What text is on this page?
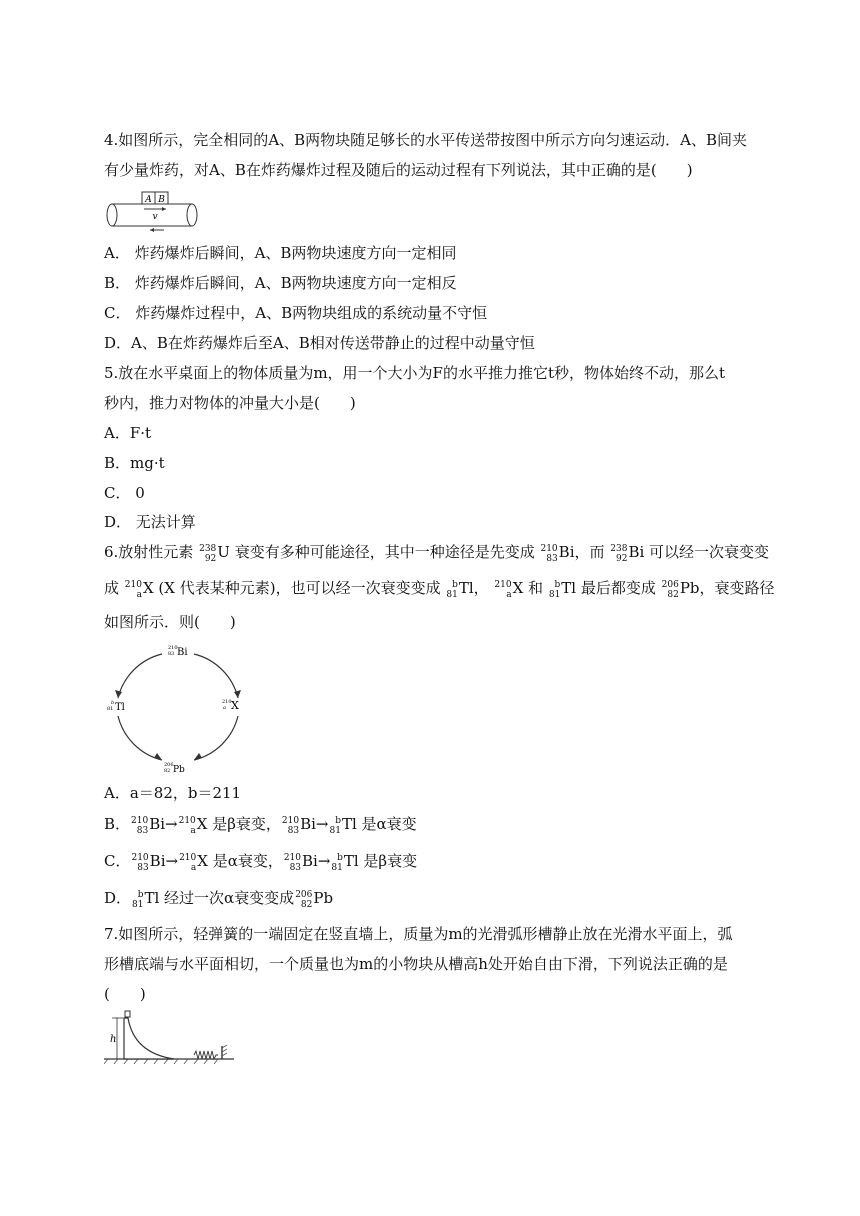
4.如图所示，完全相同的A、B两物块随足够长的水平传送带按图中所示方向匀速运动．A、B间夹
有少量炸药，对A、B在炸药爆炸过程及随后的运动过程有下列说法，其中正确的是(　　)
A B
v
A． 炸药爆炸后瞬间，A、B两物块速度方向一定相同
B． 炸药爆炸后瞬间，A、B两物块速度方向一定相反
C． 炸药爆炸过程中，A、B两物块组成的系统动量不守恒
D．A、B在炸药爆炸后至A、B相对传送带静止的过程中动量守恒
5.放在水平桌面上的物体质量为m，用一个大小为F的水平推力推它t秒，物体始终不动，那么t
秒内，推力对物体的冲量大小是(　　)
A．F·t
B．mg·t
C． 0
D． 无法计算
6.放射性元素 238
92 U 衰变有多种可能途径，其中一种途径是先变成 210
83 Bi，而 238
92 Bi 可以经一次衰变变
成 210
a X (X 代表某种元素)，也可以经一次衰变变成 b
81 Tl， 210
a X 和 b
81 Tl 最后都变成 206
82 Pb，衰变路径
如图所示．则(　　)
210
83 Bi
210
a X
b
81 Tl
206
82 Pb
A．a＝82，b＝211
B． 210
83 Bi→ 210
a X 是β衰变， 210
83 Bi→ b
81 Tl 是α衰变
C． 210
83 Bi→ 210
a X 是α衰变， 210
83 Bi→ b
81 Tl 是β衰变
D． b
81 Tl 经过一次α衰变变成 206
82 Pb
7.如图所示，轻弹簧的一端固定在竖直墙上，质量为m的光滑弧形槽静止放在光滑水平面上，弧
形槽底端与水平面相切，一个质量也为m的小物块从槽高h处开始自由下滑，下列说法正确的是
(　　)
h
